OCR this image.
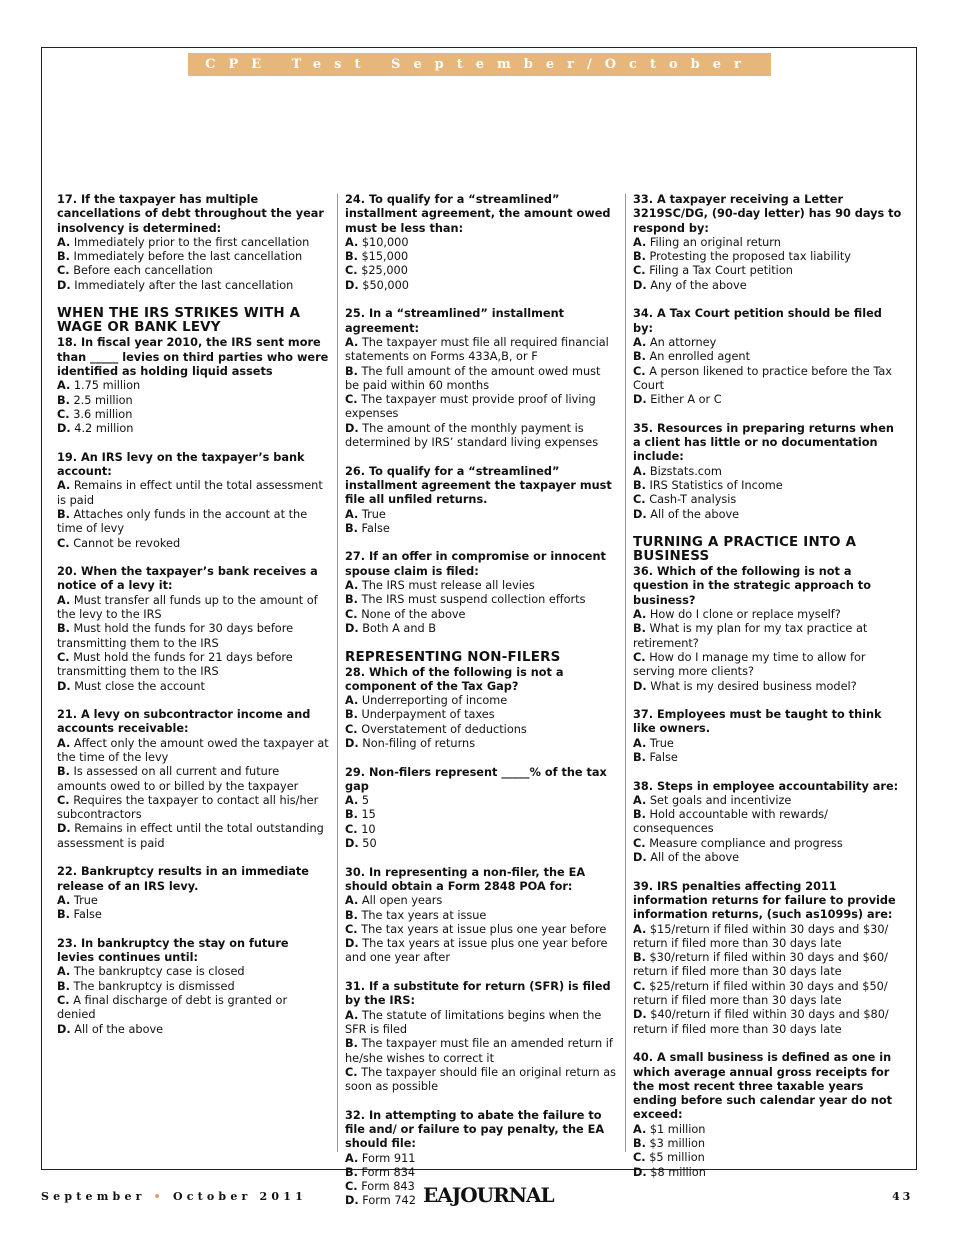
CPE Test September/October
17. If the taxpayer has multiple cancellations of debt throughout the year insolvency is determined:
A. Immediately prior to the first cancellation
B. Immediately before the last cancellation
C. Before each cancellation
D. Immediately after the last cancellation
WHEN THE IRS STRIKES WITH A WAGE OR BANK LEVY
18. In fiscal year 2010, the IRS sent more than _____ levies on third parties who were identified as holding liquid assets
A. 1.75 million
B. 2.5 million
C. 3.6 million
D. 4.2 million
19. An IRS levy on the taxpayer’s bank account:
A. Remains in effect until the total assessment is paid
B. Attaches only funds in the account at the time of levy
C. Cannot be revoked
20. When the taxpayer’s bank receives a notice of a levy it:
A. Must transfer all funds up to the amount of the levy to the IRS
B. Must hold the funds for 30 days before transmitting them to the IRS
C. Must hold the funds for 21 days before transmitting them to the IRS
D. Must close the account
21. A levy on subcontractor income and accounts receivable:
A. Affect only the amount owed the taxpayer at the time of the levy
B. Is assessed on all current and future amounts owed to or billed by the taxpayer
C. Requires the taxpayer to contact all his/her subcontractors
D. Remains in effect until the total outstanding assessment is paid
22. Bankruptcy results in an immediate release of an IRS levy.
A. True
B. False
23. In bankruptcy the stay on future levies continues until:
A. The bankruptcy case is closed
B. The bankruptcy is dismissed
C. A final discharge of debt is granted or denied
D. All of the above
24. To qualify for a “streamlined” installment agreement, the amount owed must be less than:
A. $10,000
B. $15,000
C. $25,000
D. $50,000
25. In a “streamlined” installment agreement:
A. The taxpayer must file all required financial statements on Forms 433A,B, or F
B. The full amount of the amount owed must be paid within 60 months
C. The taxpayer must provide proof of living expenses
D. The amount of the monthly payment is determined by IRS’ standard living expenses
26. To qualify for a “streamlined” installment agreement the taxpayer must file all unfiled returns.
A. True
B. False
27. If an offer in compromise or innocent spouse claim is filed:
A. The IRS must release all levies
B. The IRS must suspend collection efforts
C. None of the above
D. Both A and B
REPRESENTING NON-FILERS
28. Which of the following is not a component of the Tax Gap?
A. Underreporting of income
B. Underpayment of taxes
C. Overstatement of deductions
D. Non-filing of returns
29. Non-filers represent _____% of the tax gap
A. 5
B. 15
C. 10
D. 50
30. In representing a non-filer, the EA should obtain a Form 2848 POA for:
A. All open years
B. The tax years at issue
C. The tax years at issue plus one year before
D. The tax years at issue plus one year before and one year after
31. If a substitute for return (SFR) is filed by the IRS:
A. The statute of limitations begins when the SFR is filed
B. The taxpayer must file an amended return if he/she wishes to correct it
C. The taxpayer should file an original return as soon as possible
32. In attempting to abate the failure to file and/ or failure to pay penalty, the EA should file:
A. Form 911
B. Form 834
C. Form 843
D. Form 742
33. A taxpayer receiving a Letter 3219SC/DG, (90-day letter) has 90 days to respond by:
A. Filing an original return
B. Protesting the proposed tax liability
C. Filing a Tax Court petition
D. Any of the above
34. A Tax Court petition should be filed by:
A. An attorney
B. An enrolled agent
C. A person likened to practice before the Tax Court
D. Either A or C
35. Resources in preparing returns when a client has little or no documentation include:
A. Bizstats.com
B. IRS Statistics of Income
C. Cash-T analysis
D. All of the above
TURNING A PRACTICE INTO A BUSINESS
36. Which of the following is not a question in the strategic approach to business?
A. How do I clone or replace myself?
B. What is my plan for my tax practice at retirement?
C. How do I manage my time to allow for serving more clients?
D. What is my desired business model?
37. Employees must be taught to think like owners.
A. True
B. False
38. Steps in employee accountability are:
A. Set goals and incentivize
B. Hold accountable with rewards/ consequences
C. Measure compliance and progress
D. All of the above
39. IRS penalties affecting 2011 information returns for failure to provide information returns, (such as1099s) are:
A. $15/return if filed within 30 days and $30/ return if filed more than 30 days late
B. $30/return if filed within 30 days and $60/ return if filed more than 30 days late
C. $25/return if filed within 30 days and $50/ return if filed more than 30 days late
D. $40/return if filed within 30 days and $80/ return if filed more than 30 days late
40. A small business is defined as one in which average annual gross receipts for the most recent three taxable years ending before such calendar year do not exceed:
A. $1 million
B. $3 million
C. $5 million
D. $8 million
September • October 2011	EAJOURNAL	43
